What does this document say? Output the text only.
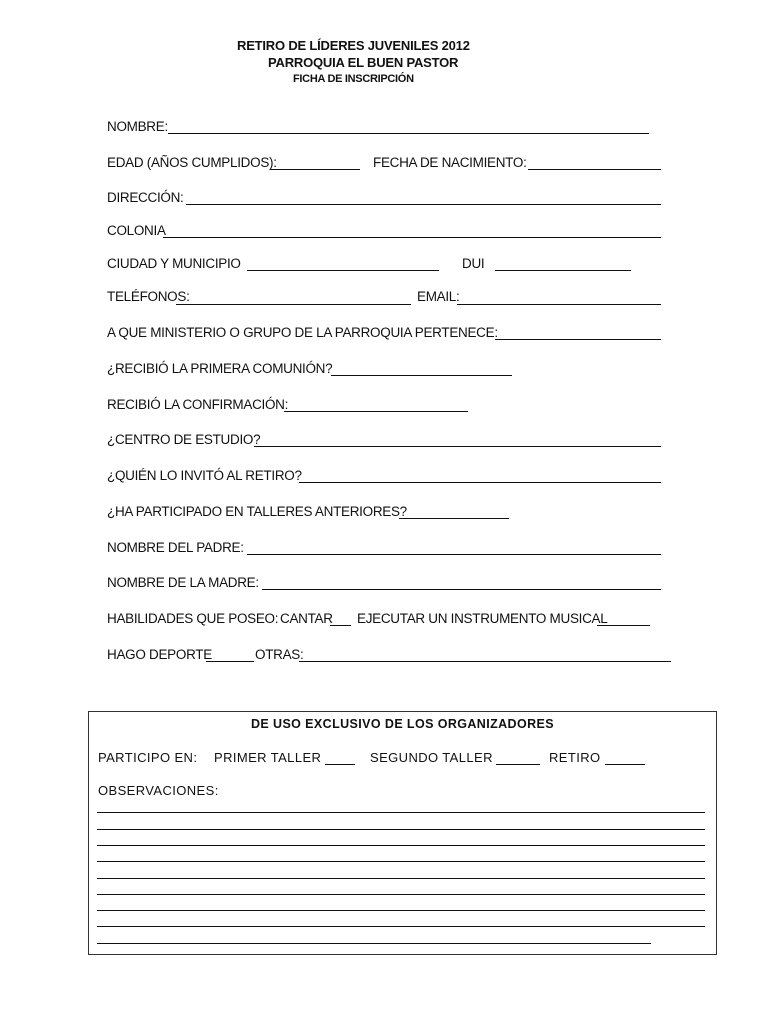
RETIRO DE LÍDERES JUVENILES 2012
PARROQUIA EL BUEN PASTOR
FICHA DE INSCRIPCIÓN
NOMBRE:
EDAD (AÑOS CUMPLIDOS):	FECHA DE NACIMIENTO:
DIRECCIÓN:
COLONIA
CIUDAD Y MUNICIPIO	DUI
TELÉFONOS:	EMAIL:
A QUE MINISTERIO O GRUPO DE LA PARROQUIA PERTENECE:
¿RECIBIÓ LA PRIMERA COMUNIÓN?
RECIBIÓ LA CONFIRMACIÓN:
¿CENTRO DE ESTUDIO?
¿QUIÉN LO INVITÓ AL RETIRO?
¿HA PARTICIPADO EN TALLERES ANTERIORES?
NOMBRE DEL PADRE:
NOMBRE DE LA MADRE:
HABILIDADES QUE POSEO: CANTAR EJECUTAR UN INSTRUMENTO MUSICAL
HAGO DEPORTE	OTRAS:
DE USO EXCLUSIVO DE LOS ORGANIZADORES
PARTICIPO EN: PRIMER TALLER	SEGUNDO TALLER	RETIRO
OBSERVACIONES:
